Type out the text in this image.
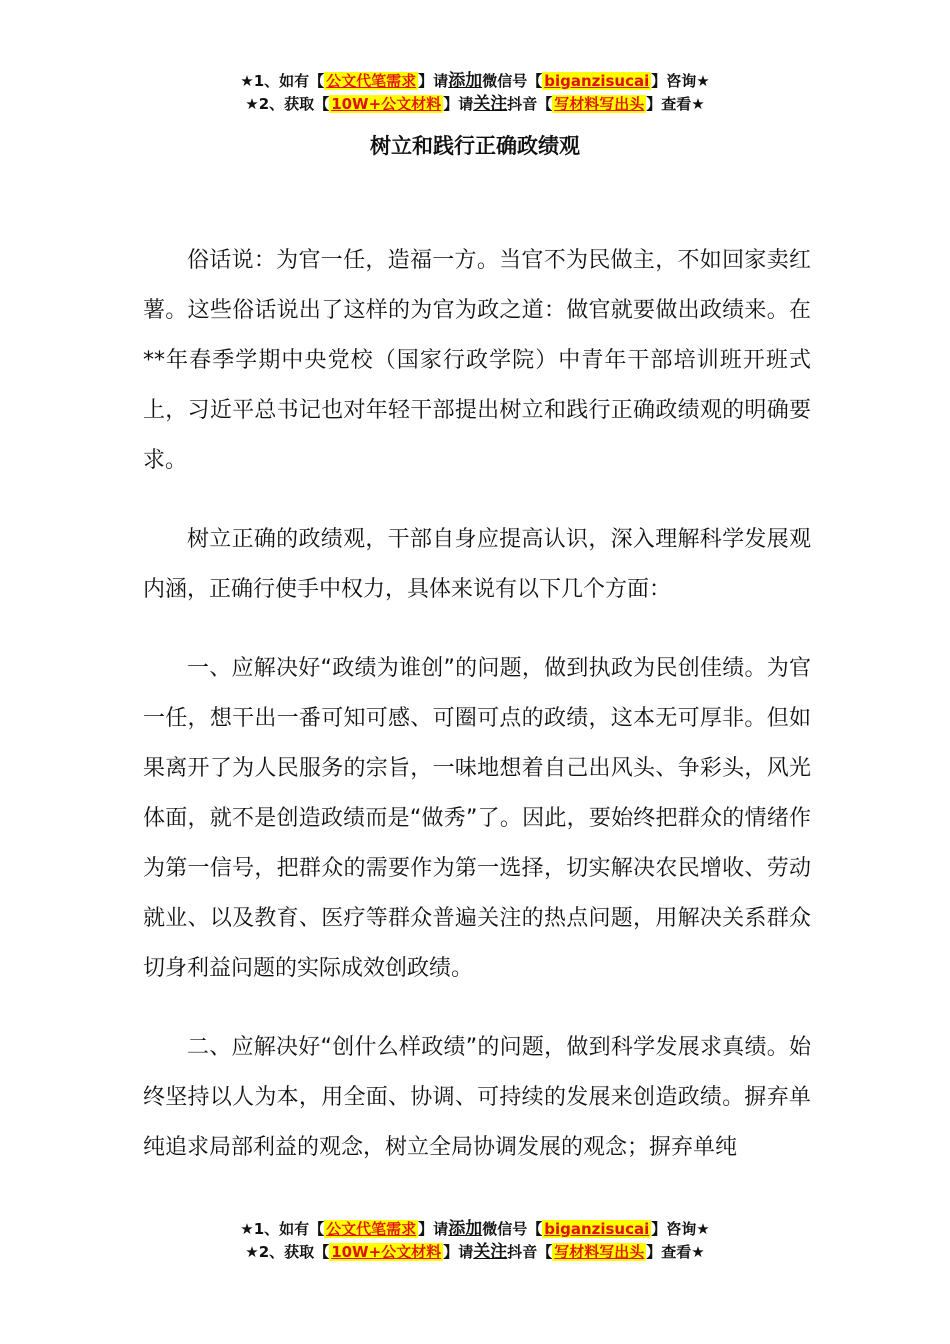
★1、如有【 公文代笔需求 】请添加微信号【 biganzisucai 】咨询★
★2、获取【 10W+公文材料 】请关注抖音【 写材料写出头 】查看★
树立和践行正确政绩观

俗话说：为官一任，造福一方。当官不为民做主，不如回家卖红薯。这些俗话说出了这样的为官为政之道：做官就要做出政绩来。在**年春季学期中央党校（国家行政学院）中青年干部培训班开班式上，习近平总书记也对年轻干部提出树立和践行正确政绩观的明确要求。

树立正确的政绩观，干部自身应提高认识，深入理解科学发展观内涵，正确行使手中权力，具体来说有以下几个方面：

一、应解决好“政绩为谁创”的问题，做到执政为民创佳绩。为官一任，想干出一番可知可感、可圈可点的政绩，这本无可厚非。但如果离开了为人民服务的宗旨，一味地想着自己出风头、争彩头，风光体面，就不是创造政绩而是“做秀”了。因此，要始终把群众的情绪作为第一信号，把群众的需要作为第一选择，切实解决农民增收、劳动就业、以及教育、医疗等群众普遍关注的热点问题，用解决关系群众切身利益问题的实际成效创政绩。

二、应解决好“创什么样政绩”的问题，做到科学发展求真绩。始终坚持以人为本，用全面、协调、可持续的发展来创造政绩。摒弃单纯追求局部利益的观念，树立全局协调发展的观念；摒弃单纯

★1、如有【 公文代笔需求 】请添加微信号【 biganzisucai 】咨询★
★2、获取【 10W+公文材料 】请关注抖音【 写材料写出头 】查看★
